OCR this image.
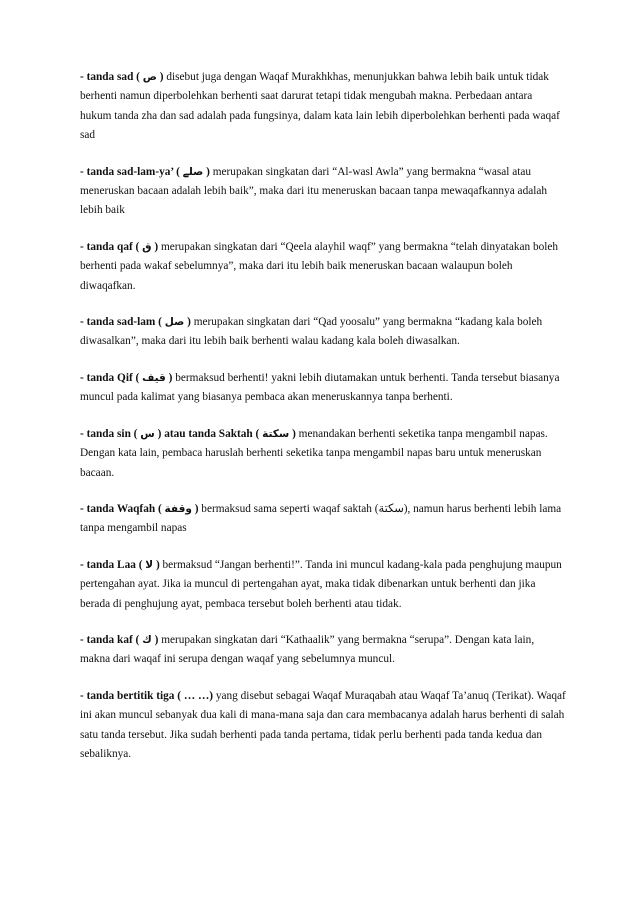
- tanda sad ( ص ) disebut juga dengan Waqaf Murakhkhas, menunjukkan bahwa lebih baik untuk tidak berhenti namun diperbolehkan berhenti saat darurat tetapi tidak mengubah makna. Perbedaan antara hukum tanda zha dan sad adalah pada fungsinya, dalam kata lain lebih diperbolehkan berhenti pada waqaf sad

- tanda sad-lam-ya’ ( صلے ) merupakan singkatan dari “Al-wasl Awla” yang bermakna “wasal atau meneruskan bacaan adalah lebih baik”, maka dari itu meneruskan bacaan tanpa mewaqafkannya adalah lebih baik

- tanda qaf ( ق ) merupakan singkatan dari “Qeela alayhil waqf” yang bermakna “telah dinyatakan boleh berhenti pada wakaf sebelumnya”, maka dari itu lebih baik meneruskan bacaan walaupun boleh diwaqafkan.

- tanda sad-lam ( صل ) merupakan singkatan dari “Qad yoosalu” yang bermakna “kadang kala boleh diwasalkan”, maka dari itu lebih baik berhenti walau kadang kala boleh diwasalkan.

- tanda Qif ( قيف ) bermaksud berhenti! yakni lebih diutamakan untuk berhenti. Tanda tersebut biasanya muncul pada kalimat yang biasanya pembaca akan meneruskannya tanpa berhenti.

- tanda sin ( س ) atau tanda Saktah ( سكتة ) menandakan berhenti seketika tanpa mengambil napas. Dengan kata lain, pembaca haruslah berhenti seketika tanpa mengambil napas baru untuk meneruskan bacaan.

- tanda Waqfah ( وقفة ) bermaksud sama seperti waqaf saktah (سكتة), namun harus berhenti lebih lama tanpa mengambil napas

- tanda Laa ( لا ) bermaksud “Jangan berhenti!”. Tanda ini muncul kadang-kala pada penghujung maupun pertengahan ayat. Jika ia muncul di pertengahan ayat, maka tidak dibenarkan untuk berhenti dan jika berada di penghujung ayat, pembaca tersebut boleh berhenti atau tidak.

- tanda kaf ( ك ) merupakan singkatan dari “Kathaalik” yang bermakna “serupa”. Dengan kata lain, makna dari waqaf ini serupa dengan waqaf yang sebelumnya muncul.

- tanda bertitik tiga ( … …) yang disebut sebagai Waqaf Muraqabah atau Waqaf Ta’anuq (Terikat). Waqaf ini akan muncul sebanyak dua kali di mana-mana saja dan cara membacanya adalah harus berhenti di salah satu tanda tersebut. Jika sudah berhenti pada tanda pertama, tidak perlu berhenti pada tanda kedua dan sebaliknya.
